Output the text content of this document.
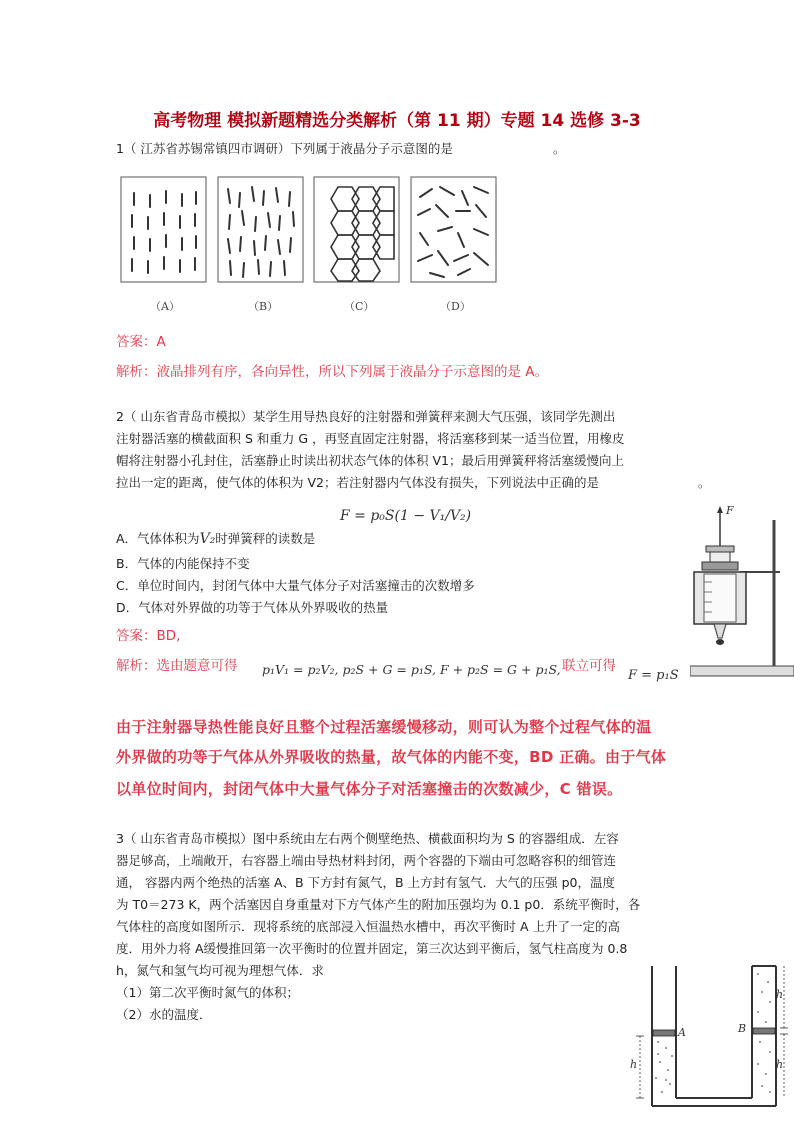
高考物理 模拟新题精选分类解析（第 11 期）专题 14 选修 3-3
1（ 江苏省苏锡常镇四市调研）下列属于液晶分子示意图的是	。
（A）	（B）	（C）	（D）
答案：A
解析：液晶排列有序，各向异性，所以下列属于液晶分子示意图的是 A。
2（ 山东省青岛市模拟）某学生用导热良好的注射器和弹簧秤来测大气压强，该同学先测出
注射器活塞的横截面积 S 和重力 G ，再竖直固定注射器，将活塞移到某一适当位置，用橡皮
帽将注射器小孔封住，活塞静止时读出初状态气体的体积 V1；最后用弹簧秤将活塞缓慢向上
拉出一定的距离，使气体的体积为 V2；若注射器内气体没有损失，下列说法中正确的是	。
F = p₀S(1 − V₁/V₂)
A．气体体积为V₂时弹簧秤的读数是
B．气体的内能保持不变
C．单位时间内，封闭气体中大量气体分子对活塞撞击的次数增多
D．气体对外界做的功等于气体从外界吸收的热量
答案：BD,
解析：选由题意可得 p₁V₁ = p₂V₂, p₂S + G = p₁S, F + p₂S = G + p₁S, 联立可得
F = p₁S
由于注射器导热性能良好且整个过程活塞缓慢移动，则可认为整个过程气体的温
外界做的功等于气体从外界吸收的热量，故气体的内能不变，BD 正确。由于气体
以单位时间内，封闭气体中大量气体分子对活塞撞击的次数减少，C 错误。
F
3（ 山东省青岛市模拟）图中系统由左右两个侧壁绝热、横截面积均为 S 的容器组成．左容
器足够高，上端敞开，右容器上端由导热材料封闭，两个容器的下端由可忽略容积的细管连
通， 容器内两个绝热的活塞 A、B 下方封有氮气，B 上方封有氢气．大气的压强 p0，温度
为 T0＝273 K，两个活塞因自身重量对下方气体产生的附加压强均为 0.1 p0．系统平衡时，各
气体柱的高度如图所示．现将系统的底部浸入恒温热水槽中，再次平衡时 A 上升了一定的高
度．用外力将 A缓慢推回第一次平衡时的位置并固定，第三次达到平衡后，氢气柱高度为 0.8
h，氮气和氢气均可视为理想气体．求
（1）第二次平衡时氮气的体积；
（2）水的温度．
A	B
h
h
h
